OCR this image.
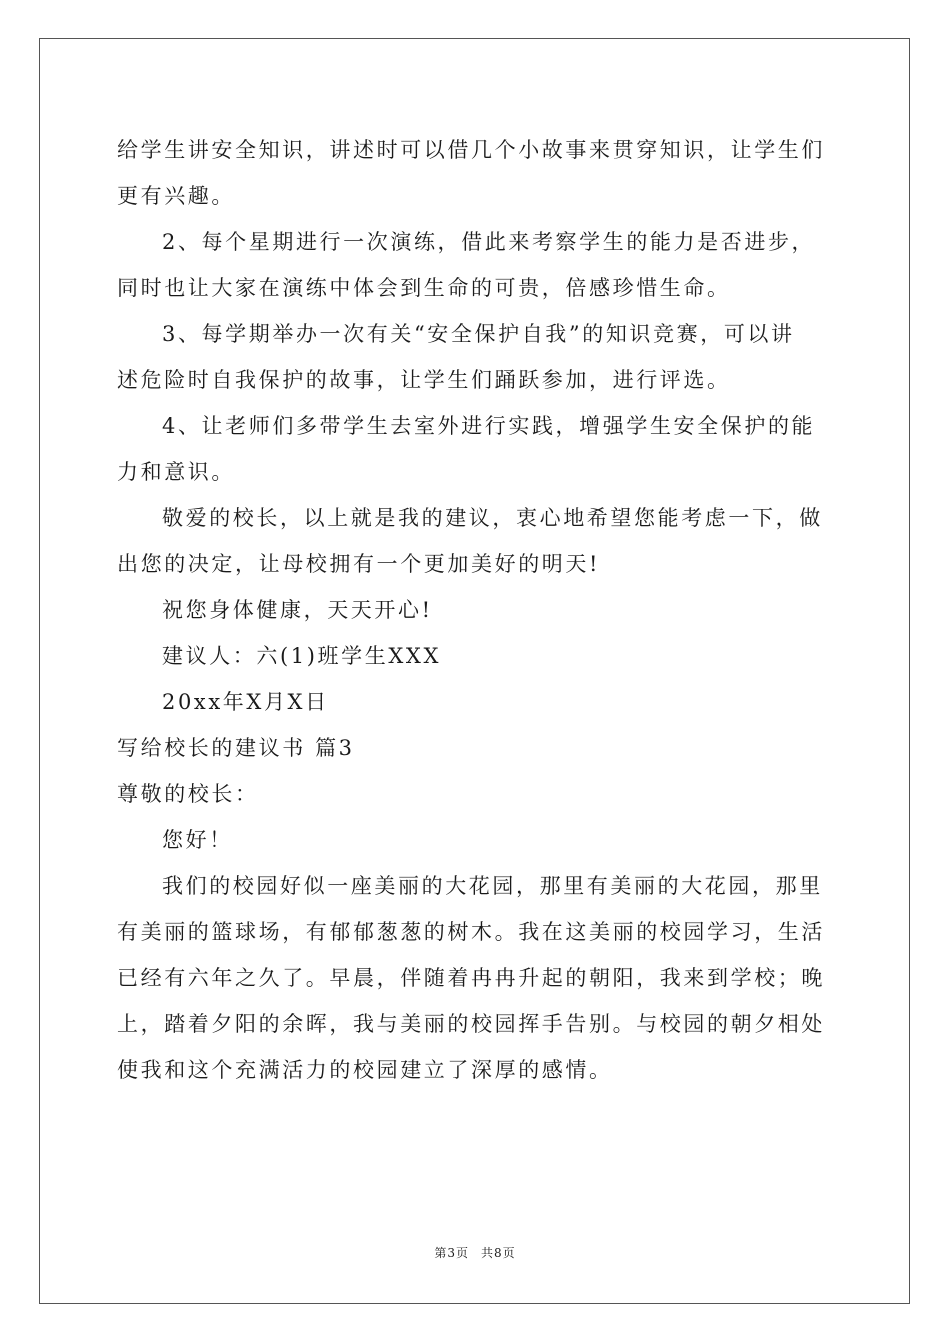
给学生讲安全知识，讲述时可以借几个小故事来贯穿知识，让学生们
更有兴趣。
2、每个星期进行一次演练，借此来考察学生的能力是否进步，
同时也让大家在演练中体会到生命的可贵，倍感珍惜生命。
3、每学期举办一次有关“安全保护自我”的知识竞赛，可以讲
述危险时自我保护的故事，让学生们踊跃参加，进行评选。
4、让老师们多带学生去室外进行实践，增强学生安全保护的能
力和意识。
敬爱的校长，以上就是我的建议，衷心地希望您能考虑一下，做
出您的决定，让母校拥有一个更加美好的明天!
祝您身体健康，天天开心!
建议人：六(1)班学生XXX
20xx年X月X日
写给校长的建议书 篇3
尊敬的校长：
您好！
我们的校园好似一座美丽的大花园，那里有美丽的大花园，那里
有美丽的篮球场，有郁郁葱葱的树木。我在这美丽的校园学习，生活
已经有六年之久了。早晨，伴随着冉冉升起的朝阳，我来到学校；晚
上，踏着夕阳的余晖，我与美丽的校园挥手告别。与校园的朝夕相处
使我和这个充满活力的校园建立了深厚的感情。
第3页 共8页
